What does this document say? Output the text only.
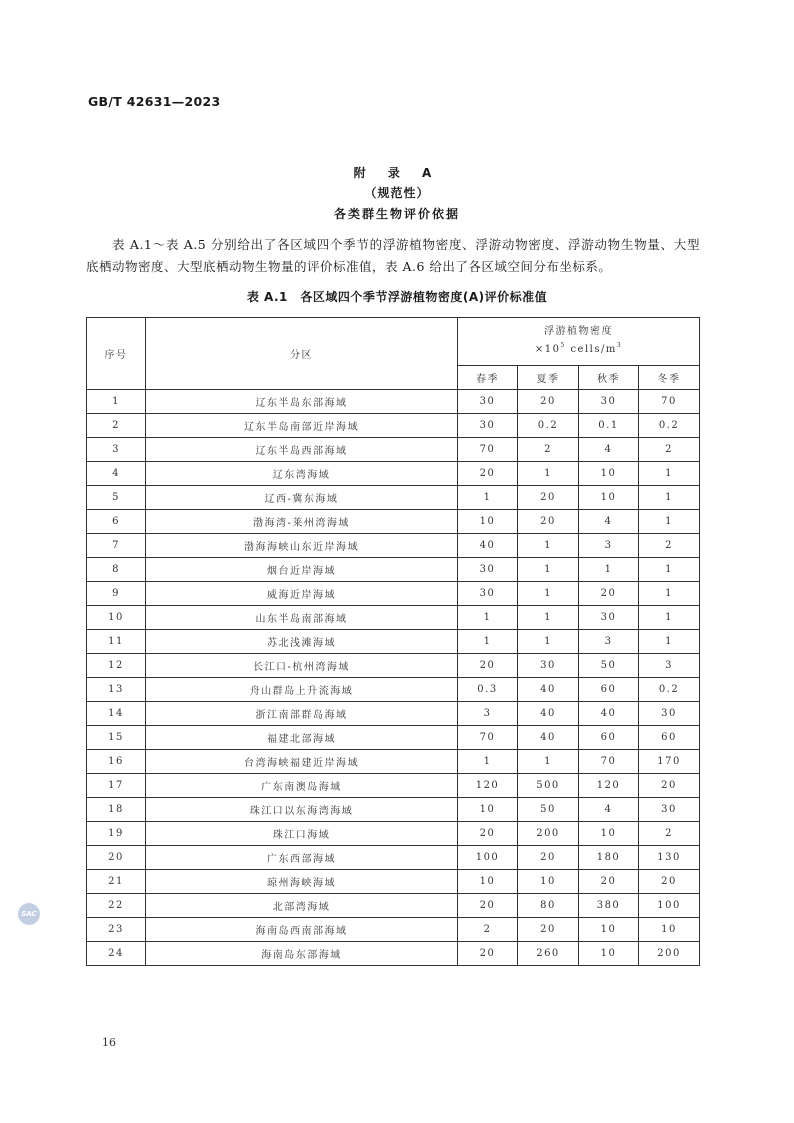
GB/T 42631—2023
附 录 A
（规范性）
各类群生物评价依据

表 A.1～表 A.5 分别给出了各区域四个季节的浮游植物密度、浮游动物密度、浮游动物生物量、大型底栖动物密度、大型底栖动物生物量的评价标准值，表 A.6 给出了各区域空间分布坐标系。

表 A.1　各区域四个季节浮游植物密度(A)评价标准值
序号	分区	浮游植物密度
$\times 10^5$ cells/$m^3$

		春季	夏季	秋季	冬季
1	辽东半岛东部海域	30	20	30	70
2	辽东半岛南部近岸海域	30	0.2	0.1	0.2
3	辽东半岛西部海域	70	2	4	2
4	辽东湾海域	20	1	10	1
5	辽西-冀东海域	1	20	10	1
6	渤海湾-莱州湾海域	10	20	4	1
7	渤海海峡山东近岸海域	40	1	3	2
8	烟台近岸海域	30	1	1	1
9	威海近岸海域	30	1	20	1
10	山东半岛南部海域	1	1	30	1
11	苏北浅滩海域	1	1	3	1
12	长江口-杭州湾海域	20	30	50	3
13	舟山群岛上升流海域	0.3	40	60	0.2
14	浙江南部群岛海域	3	40	40	30
15	福建北部海域	70	40	60	60
16	台湾海峡福建近岸海域	1	1	70	170
17	广东南澳岛海域	120	500	120	20
18	珠江口以东海湾海域	10	50	4	30
19	珠江口海域	20	200	10	2
20	广东西部海域	100	20	180	130
21	琼州海峡海域	10	10	20	20
22	北部湾海域	20	80	380	100
23	海南岛西南部海域	2	20	10	10
24	海南岛东部海域	20	260	10	200
SAC
16
